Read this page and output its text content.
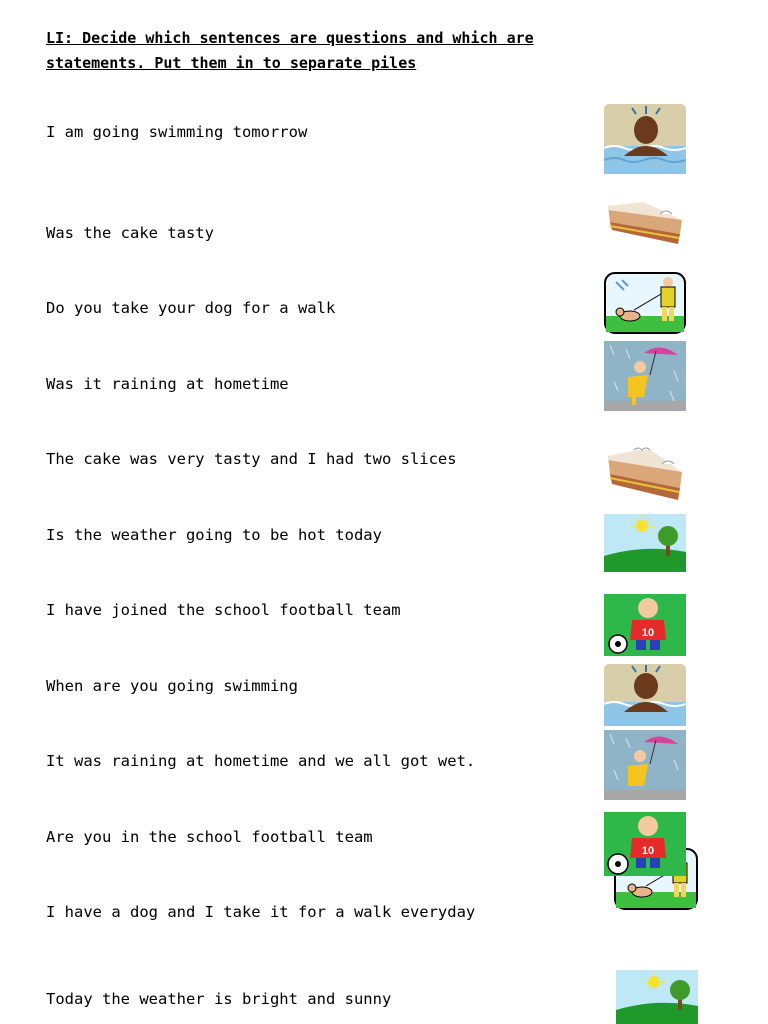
LI: Decide which sentences are questions and which are
statements. Put them in to separate piles
I am going swimming tomorrow
Was the cake tasty
Do you take your dog for a walk
Was it raining at hometime
The cake was very tasty and I had two slices
Is the weather going to be hot today
I have joined the school football team
When are you going swimming
It was raining at hometime and we all got wet.
Are you in the school football team
I have a dog and I take it for a walk everyday
Today the weather is bright and sunny
10
10
